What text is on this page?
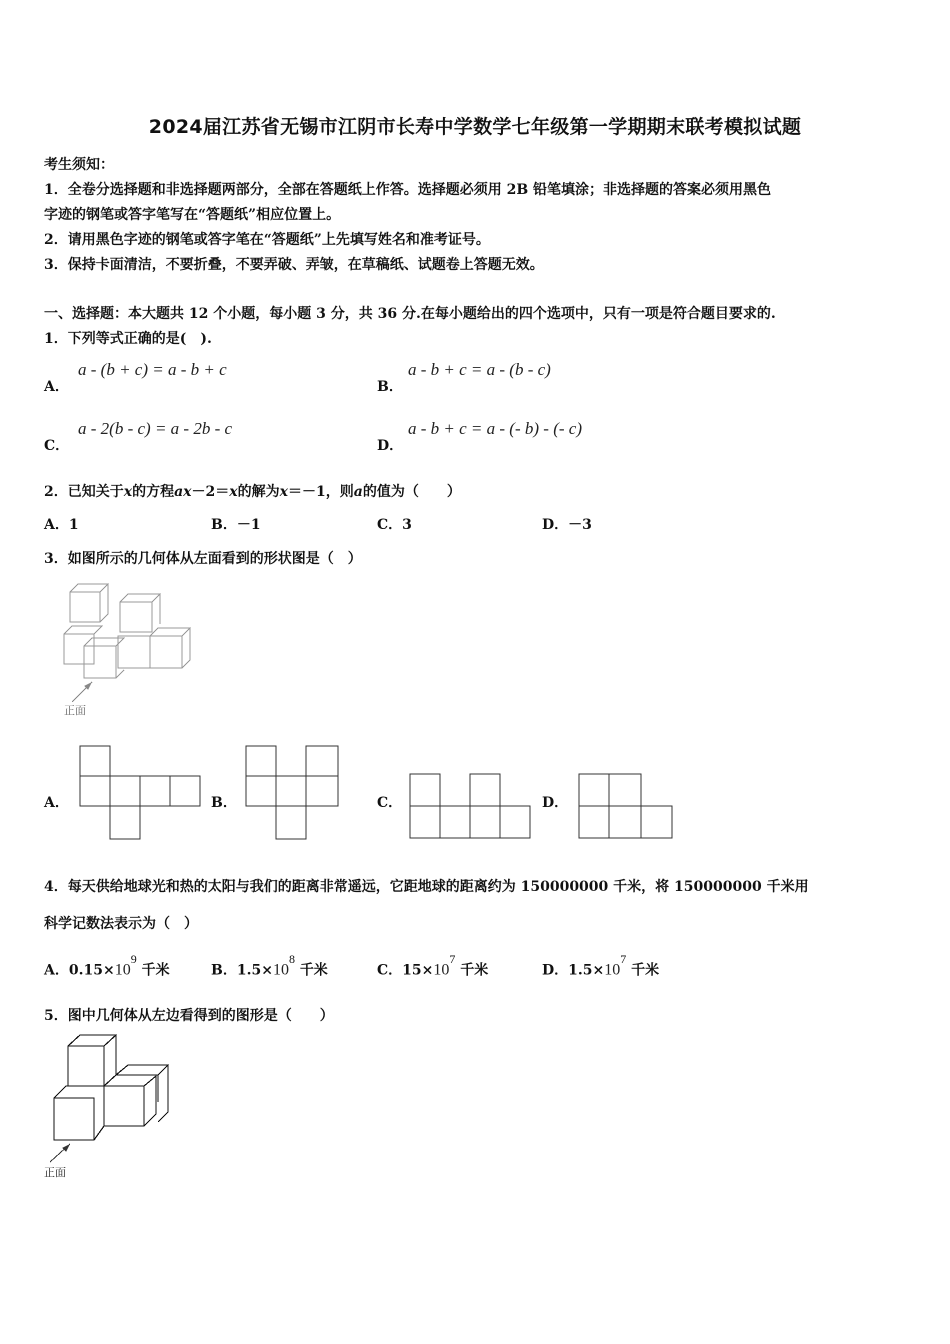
2024届江苏省无锡市江阴市长寿中学数学七年级第一学期期末联考模拟试题
考生须知：
1．全卷分选择题和非选择题两部分，全部在答题纸上作答。选择题必须用 2B 铅笔填涂；非选择题的答案必须用黑色
字迹的钢笔或答字笔写在“答题纸”相应位置上。
2．请用黑色字迹的钢笔或答字笔在“答题纸”上先填写姓名和准考证号。
3．保持卡面清洁，不要折叠，不要弄破、弄皱，在草稿纸、试题卷上答题无效。
一、选择题：本大题共 12 个小题，每小题 3 分，共 36 分.在每小题给出的四个选项中，只有一项是符合题目要求的.
1．下列等式正确的是(　).
A．
a - (b + c) = a - b + c
B．
a - b + c = a - (b - c)
C．
a - 2(b - c) = a - 2b - c
D．
a - b + c = a - (- b) - (- c)
2．已知关于x的方程ax－2＝x的解为x＝－1，则a的值为（　　）
A．1	B．－1	C．3	D．－3
3．如图所示的几何体从左面看到的形状图是（　）
正面
A．	B．	C．	D．
4．每天供给地球光和热的太阳与我们的距离非常遥远，它距地球的距离约为 150000000 千米，将 150000000 千米用
科学记数法表示为（　）
A．$0.15\times 10^9$ 千米	B．$1.5\times 10^8$ 千米	C．$15\times 10^7$ 千米	D．$1.5\times 10^7$ 千米
5．图中几何体从左边看得到的图形是（　　）
正面
